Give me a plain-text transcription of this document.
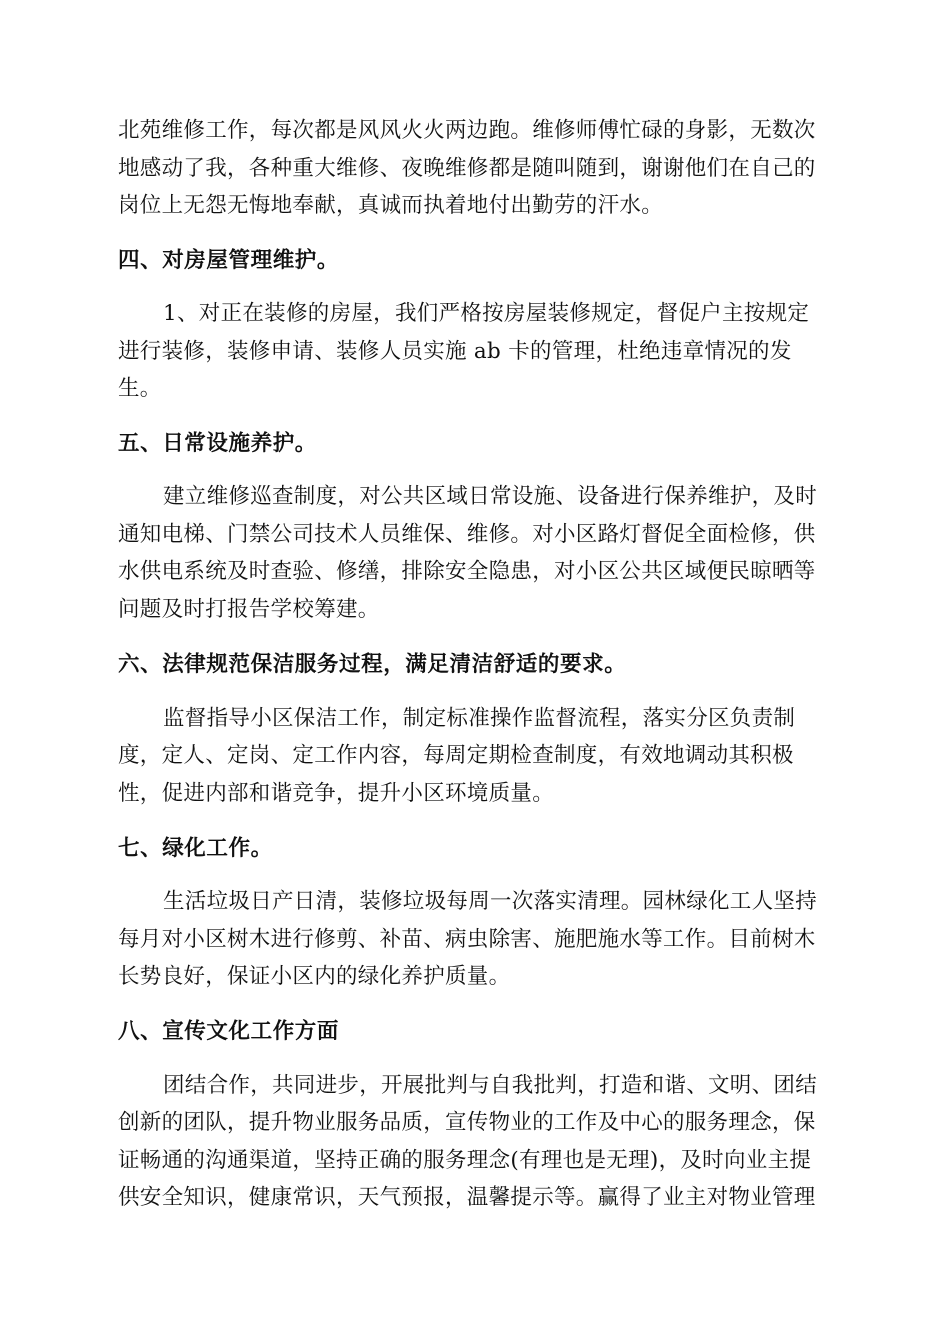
北苑维修工作，每次都是风风火火两边跑。维修师傅忙碌的身影，无数次
地感动了我，各种重大维修、夜晚维修都是随叫随到，谢谢他们在自己的
岗位上无怨无悔地奉献，真诚而执着地付出勤劳的汗水。
四、对房屋管理维护。
1、对正在装修的房屋，我们严格按房屋装修规定，督促户主按规定
进行装修，装修申请、装修人员实施 ab 卡的管理，杜绝违章情况的发
生。
五、日常设施养护。
建立维修巡查制度，对公共区域日常设施、设备进行保养维护，及时
通知电梯、门禁公司技术人员维保、维修。对小区路灯督促全面检修，供
水供电系统及时查验、修缮，排除安全隐患，对小区公共区域便民晾晒等
问题及时打报告学校筹建。
六、法律规范保洁服务过程，满足清洁舒适的要求。
监督指导小区保洁工作，制定标准操作监督流程，落实分区负责制
度，定人、定岗、定工作内容，每周定期检查制度，有效地调动其积极
性，促进内部和谐竞争，提升小区环境质量。
七、绿化工作。
生活垃圾日产日清，装修垃圾每周一次落实清理。园林绿化工人坚持
每月对小区树木进行修剪、补苗、病虫除害、施肥施水等工作。目前树木
长势良好，保证小区内的绿化养护质量。
八、宣传文化工作方面
团结合作，共同进步，开展批判与自我批判，打造和谐、文明、团结
创新的团队，提升物业服务品质，宣传物业的工作及中心的服务理念，保
证畅通的沟通渠道，坚持正确的服务理念(有理也是无理)，及时向业主提
供安全知识，健康常识，天气预报，温馨提示等。赢得了业主对物业管理
